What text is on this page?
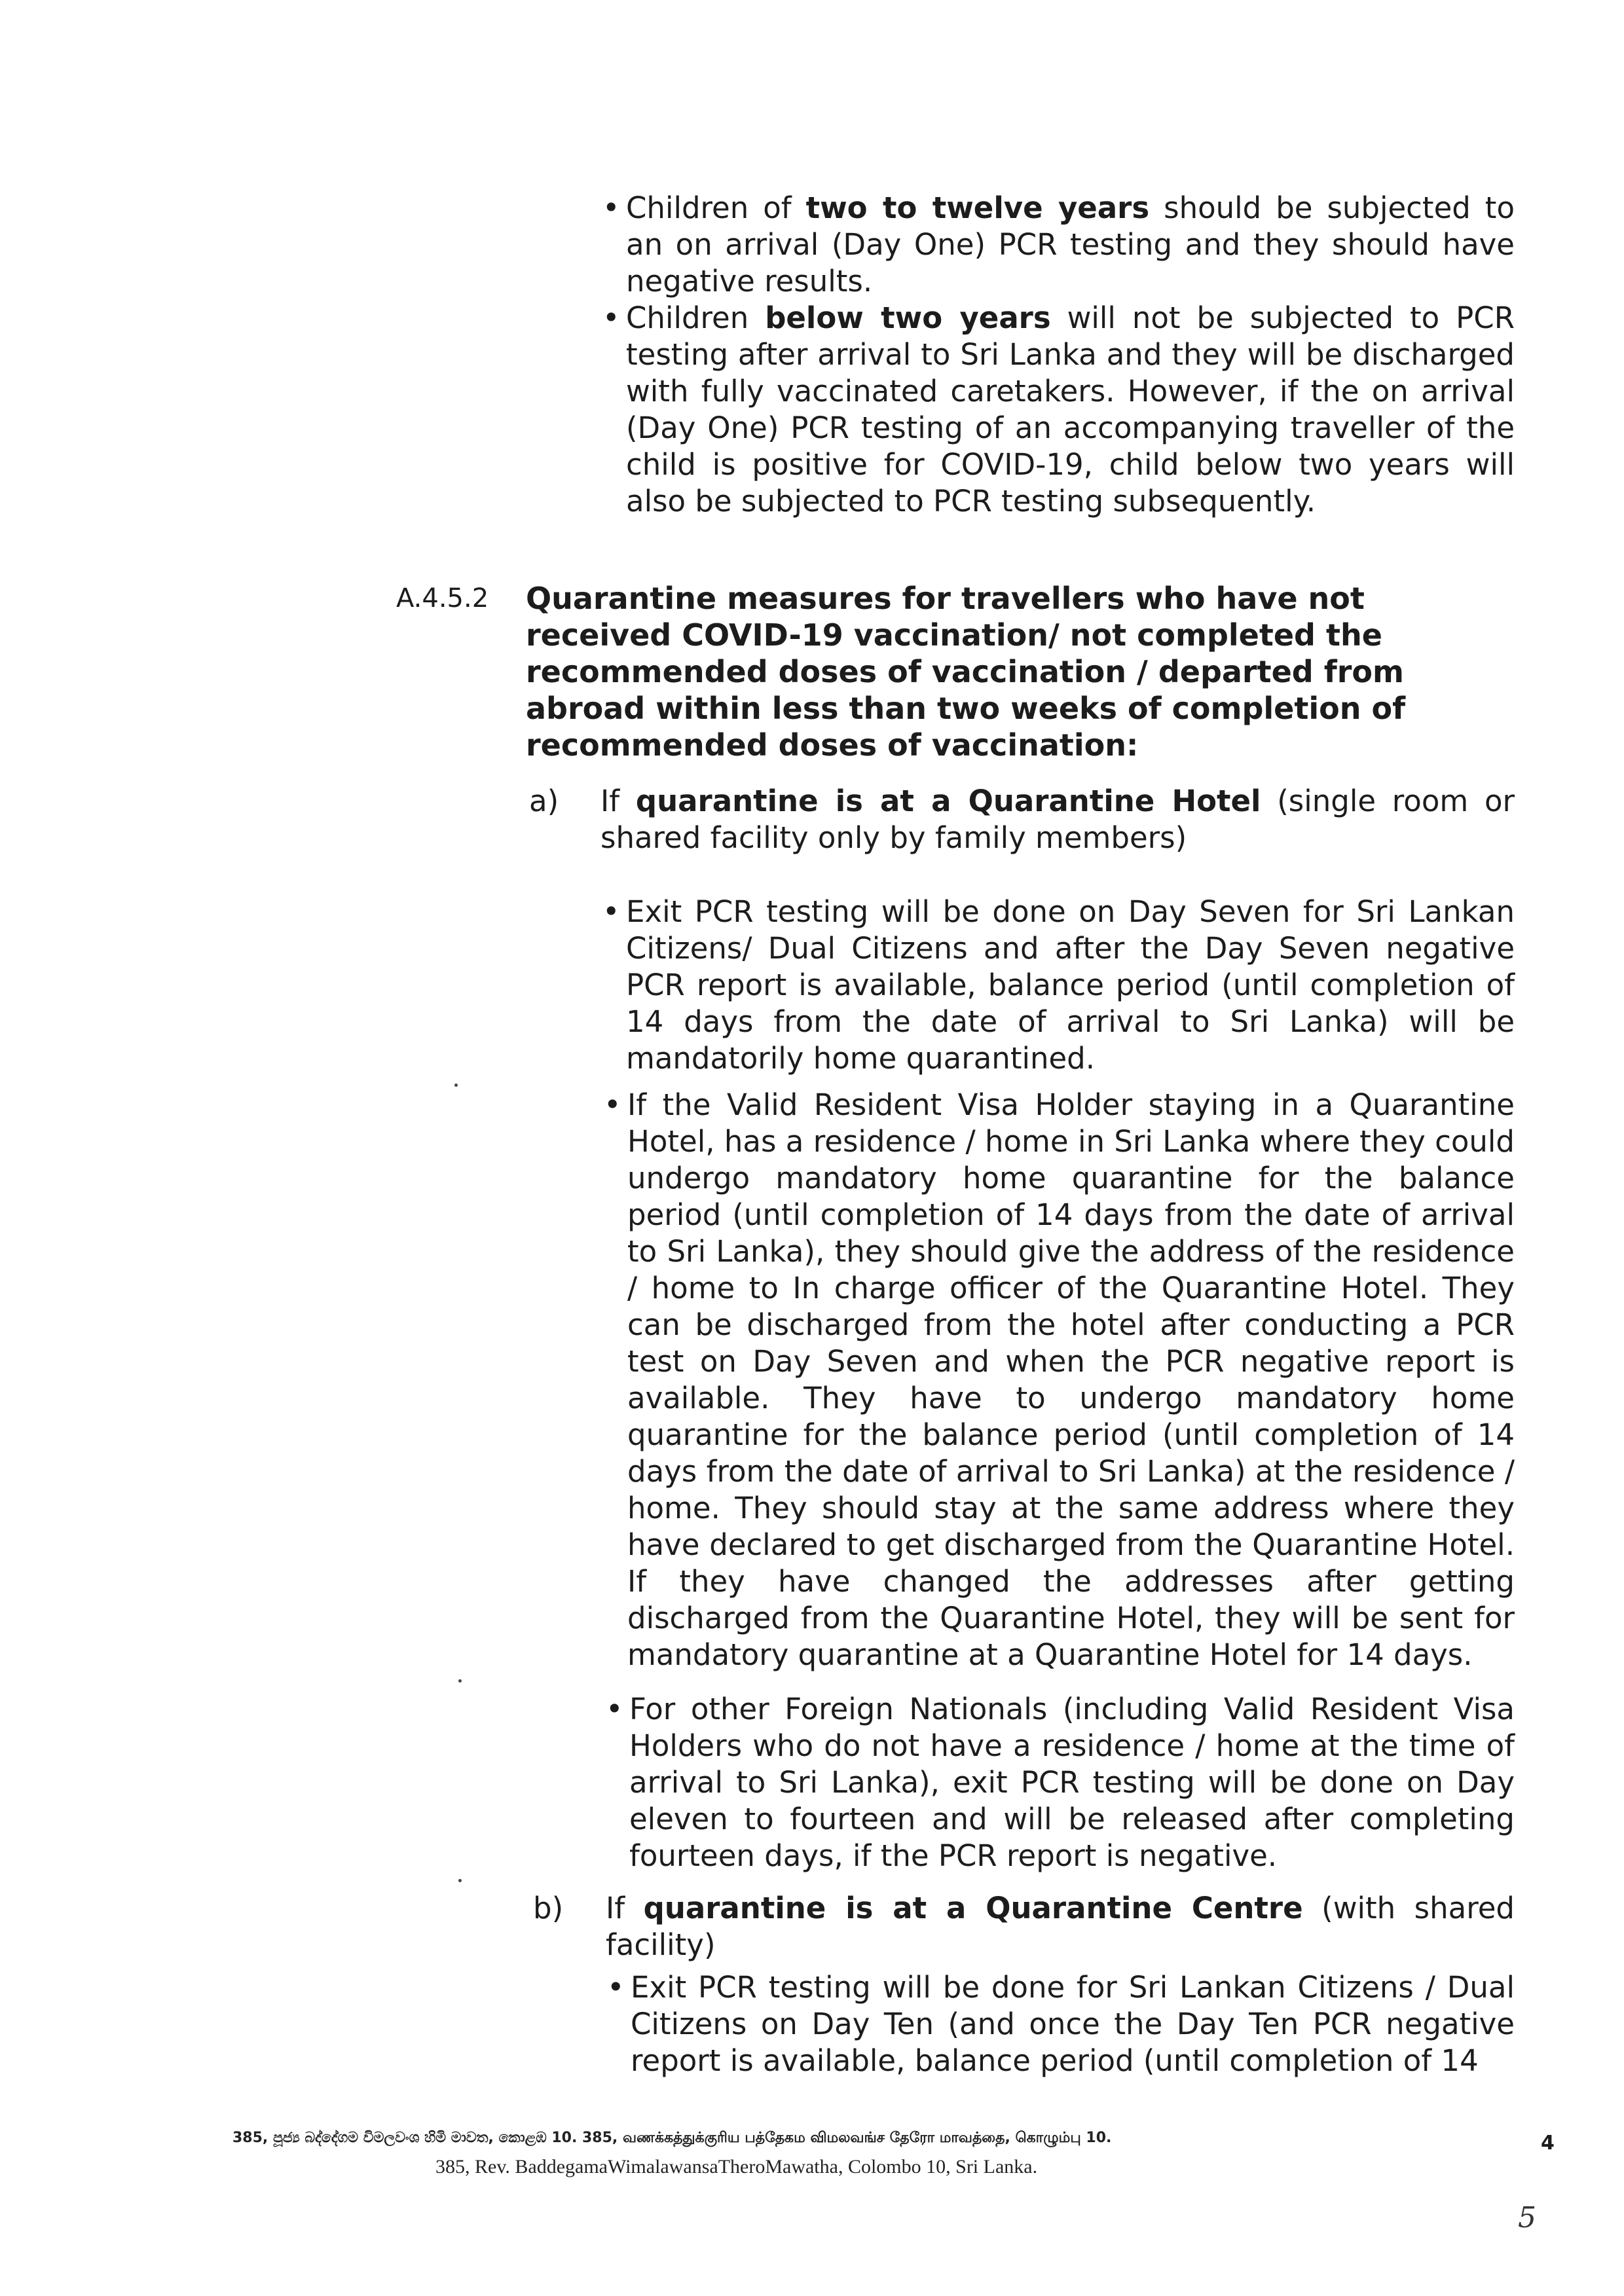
• Children of two to twelve years should be subjected to an on arrival (Day One) PCR testing and they should have negative results.

• Children below two years will not be subjected to PCR testing after arrival to Sri Lanka and they will be discharged with fully vaccinated caretakers. However, if the on arrival (Day One) PCR testing of an accompanying traveller of the child is positive for COVID-19, child below two years will also be subjected to PCR testing subsequently.

A.4.5.2 Quarantine measures for travellers who have not received COVID-19 vaccination/ not completed the recommended doses of vaccination / departed from abroad within less than two weeks of completion of recommended doses of vaccination:

a) If quarantine is at a Quarantine Hotel (single room or shared facility only by family members)

• Exit PCR testing will be done on Day Seven for Sri Lankan Citizens/ Dual Citizens and after the Day Seven negative PCR report is available, balance period (until completion of 14 days from the date of arrival to Sri Lanka) will be mandatorily home quarantined.

• If the Valid Resident Visa Holder staying in a Quarantine Hotel, has a residence / home in Sri Lanka where they could undergo mandatory home quarantine for the balance period (until completion of 14 days from the date of arrival to Sri Lanka), they should give the address of the residence / home to In charge officer of the Quarantine Hotel. They can be discharged from the hotel after conducting a PCR test on Day Seven and when the PCR negative report is available. They have to undergo mandatory home quarantine for the balance period (until completion of 14 days from the date of arrival to Sri Lanka) at the residence / home. They should stay at the same address where they have declared to get discharged from the Quarantine Hotel. If they have changed the addresses after getting discharged from the Quarantine Hotel, they will be sent for mandatory quarantine at a Quarantine Hotel for 14 days.

• For other Foreign Nationals (including Valid Resident Visa Holders who do not have a residence / home at the time of arrival to Sri Lanka), exit PCR testing will be done on Day eleven to fourteen and will be released after completing fourteen days, if the PCR report is negative.

b) If quarantine is at a Quarantine Centre (with shared facility)

• Exit PCR testing will be done for Sri Lankan Citizens / Dual Citizens on Day Ten (and once the Day Ten PCR negative report is available, balance period (until completion of 14

385, පූජ්‍ය බද්දේගම විමලවංශ හිමි මාවත, කොළඹ 10. 385, வணக்கத்துக்குரிய பத்தேகம விமலவங்ச தேரோ மாவத்தை, கொழும்பு 10.
385, Rev. BaddegamaWimalawansaTheroMawatha, Colombo 10, Sri Lanka.
4
5
